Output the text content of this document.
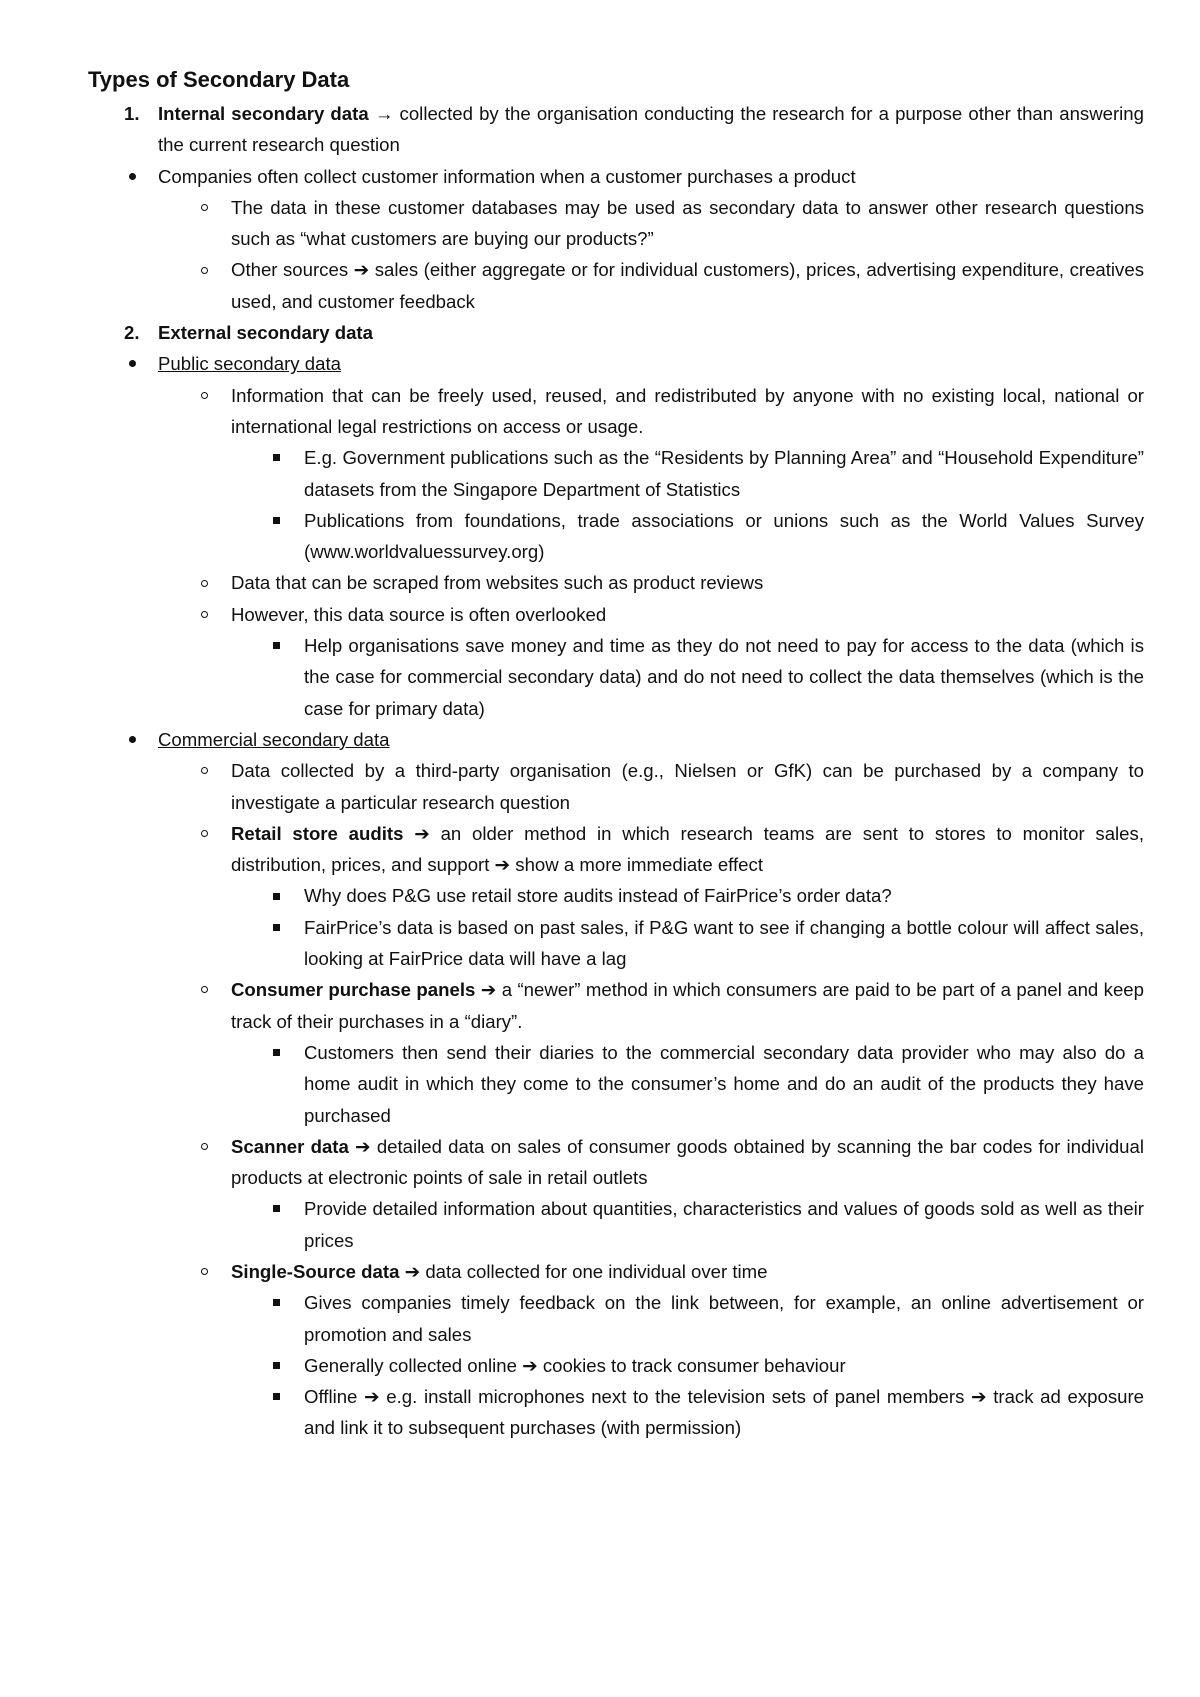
Types of Secondary Data
1. Internal secondary data → collected by the organisation conducting the research for a purpose other than answering the current research question
Companies often collect customer information when a customer purchases a product
The data in these customer databases may be used as secondary data to answer other research questions such as “what customers are buying our products?”
Other sources ➔ sales (either aggregate or for individual customers), prices, advertising expenditure, creatives used, and customer feedback
2. External secondary data
Public secondary data
Information that can be freely used, reused, and redistributed by anyone with no existing local, national or international legal restrictions on access or usage.
E.g. Government publications such as the “Residents by Planning Area” and “Household Expenditure” datasets from the Singapore Department of Statistics
Publications from foundations, trade associations or unions such as the World Values Survey (www.worldvaluessurvey.org)
Data that can be scraped from websites such as product reviews
However, this data source is often overlooked
Help organisations save money and time as they do not need to pay for access to the data (which is the case for commercial secondary data) and do not need to collect the data themselves (which is the case for primary data)
Commercial secondary data
Data collected by a third-party organisation (e.g., Nielsen or GfK) can be purchased by a company to investigate a particular research question
Retail store audits ➔ an older method in which research teams are sent to stores to monitor sales, distribution, prices, and support ➔ show a more immediate effect
Why does P&G use retail store audits instead of FairPrice’s order data?
FairPrice’s data is based on past sales, if P&G want to see if changing a bottle colour will affect sales, looking at FairPrice data will have a lag
Consumer purchase panels ➔ a “newer” method in which consumers are paid to be part of a panel and keep track of their purchases in a “diary”.
Customers then send their diaries to the commercial secondary data provider who may also do a home audit in which they come to the consumer’s home and do an audit of the products they have purchased
Scanner data ➔ detailed data on sales of consumer goods obtained by scanning the bar codes for individual products at electronic points of sale in retail outlets
Provide detailed information about quantities, characteristics and values of goods sold as well as their prices
Single-Source data ➔ data collected for one individual over time
Gives companies timely feedback on the link between, for example, an online advertisement or promotion and sales
Generally collected online ➔ cookies to track consumer behaviour
Offline ➔ e.g. install microphones next to the television sets of panel members ➔ track ad exposure and link it to subsequent purchases (with permission)
